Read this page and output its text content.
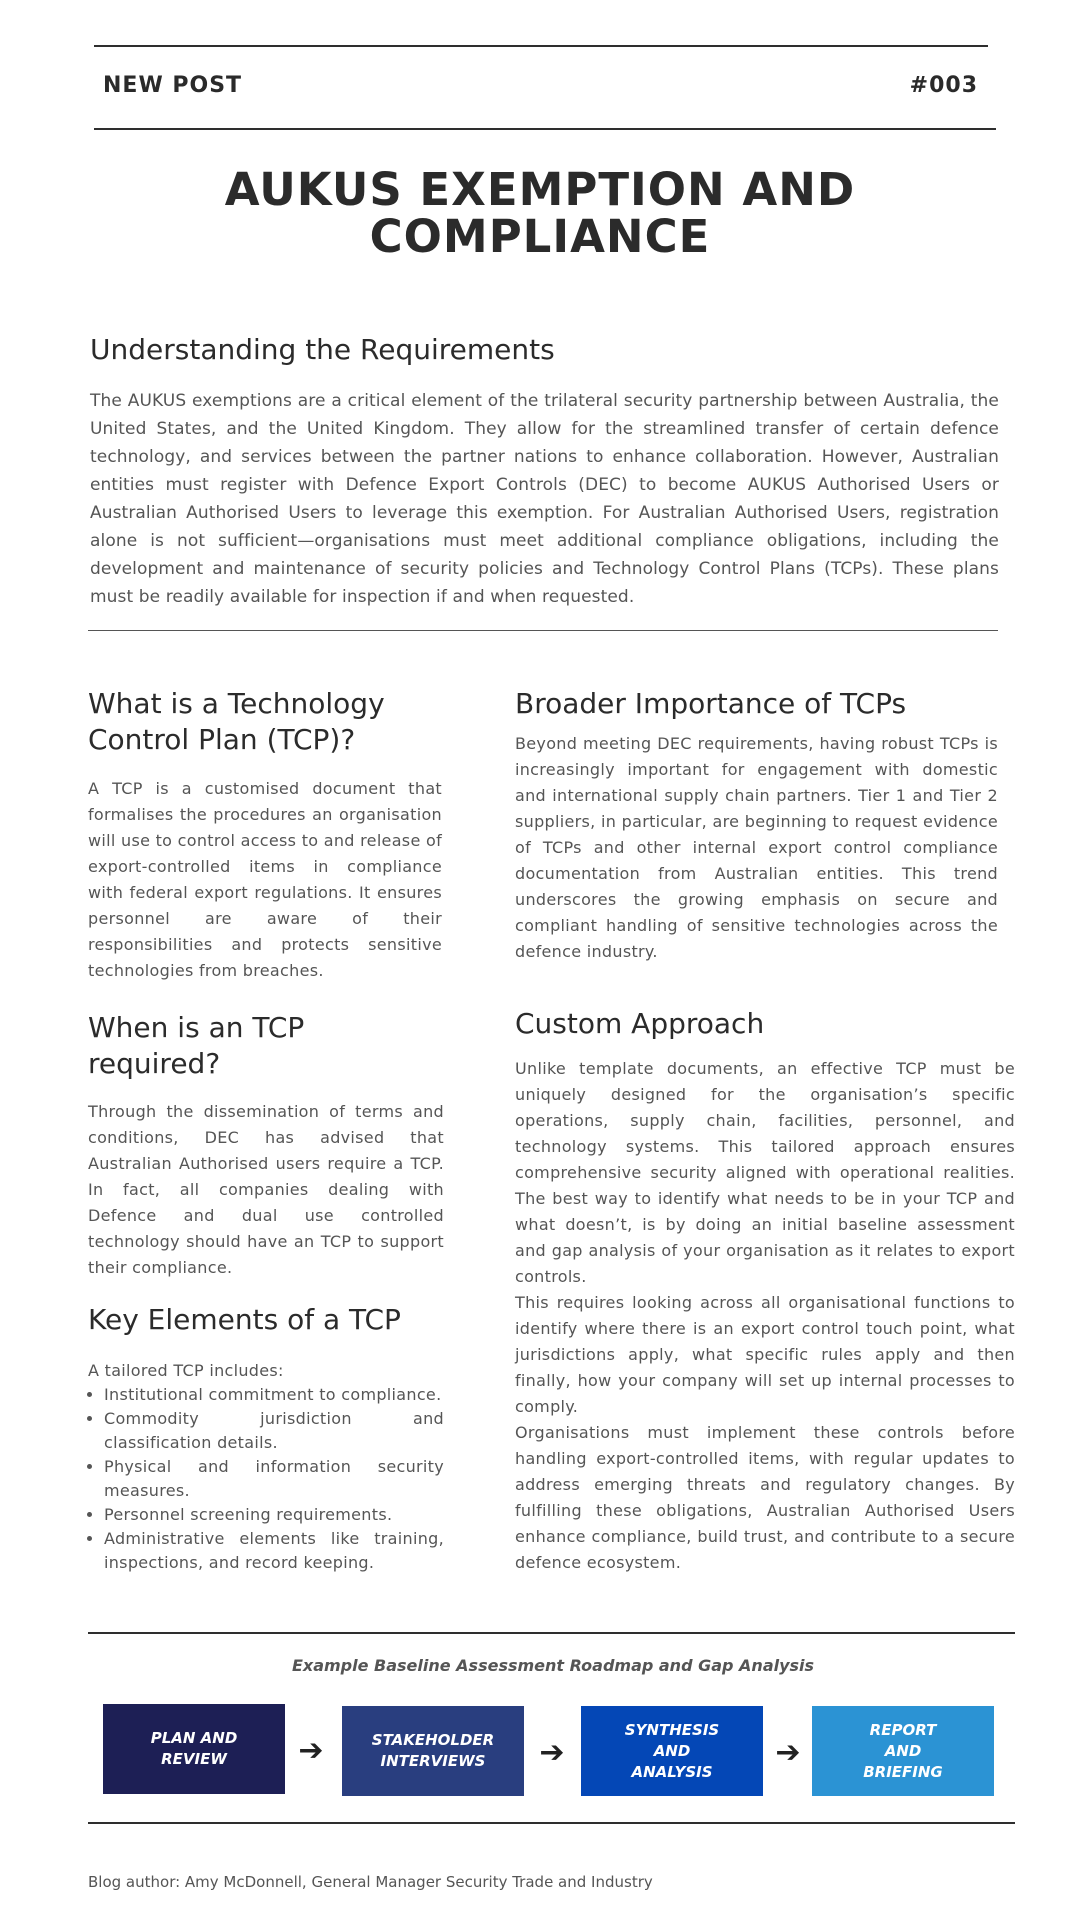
NEW POST	#003
AUKUS EXEMPTION AND COMPLIANCE
Understanding the Requirements

The AUKUS exemptions are a critical element of the trilateral security partnership between Australia, the United States, and the United Kingdom. They allow for the streamlined transfer of certain defence technology, and services between the partner nations to enhance collaboration. However, Australian entities must register with Defence Export Controls (DEC) to become AUKUS Authorised Users or Australian Authorised Users to leverage this exemption. For Australian Authorised Users, registration alone is not sufficient—organisations must meet additional compliance obligations, including the development and maintenance of security policies and Technology Control Plans (TCPs). These plans must be readily available for inspection if and when requested.

What is a Technology Control Plan (TCP)?

A TCP is a customised document that formalises the procedures an organisation will use to control access to and release of export-controlled items in compliance with federal export regulations. It ensures personnel are aware of their responsibilities and protects sensitive technologies from breaches.

When is an TCP required?

Through the dissemination of terms and conditions, DEC has advised that Australian Authorised users require a TCP. In fact, all companies dealing with Defence and dual use controlled technology should have an TCP to support their compliance.

Key Elements of a TCP

A tailored TCP includes:

• Institutional commitment to compliance.
• Commodity jurisdiction and classification details.
• Physical and information security measures.
• Personnel screening requirements.
• Administrative elements like training, inspections, and record keeping.
Broader Importance of TCPs

Beyond meeting DEC requirements, having robust TCPs is increasingly important for engagement with domestic and international supply chain partners. Tier 1 and Tier 2 suppliers, in particular, are beginning to request evidence of TCPs and other internal export control compliance documentation from Australian entities. This trend underscores the growing emphasis on secure and compliant handling of sensitive technologies across the defence industry.

Custom Approach

Unlike template documents, an effective TCP must be uniquely designed for the organisation’s specific operations, supply chain, facilities, personnel, and technology systems. This tailored approach ensures comprehensive security aligned with operational realities. The best way to identify what needs to be in your TCP and what doesn’t, is by doing an initial baseline assessment and gap analysis of your organisation as it relates to export controls.

This requires looking across all organisational functions to identify where there is an export control touch point, what jurisdictions apply, what specific rules apply and then finally, how your company will set up internal processes to comply.

Organisations must implement these controls before handling export-controlled items, with regular updates to address emerging threats and regulatory changes. By fulfilling these obligations, Australian Authorised Users enhance compliance, build trust, and contribute to a secure defence ecosystem.

Example Baseline Assessment Roadmap and Gap Analysis
PLAN AND REVIEW	➔	STAKEHOLDER INTERVIEWS	➔
SYNTHESIS AND ANALYSIS
➔
REPORT AND BRIEFING
Blog author: Amy McDonnell, General Manager Security Trade and Industry
